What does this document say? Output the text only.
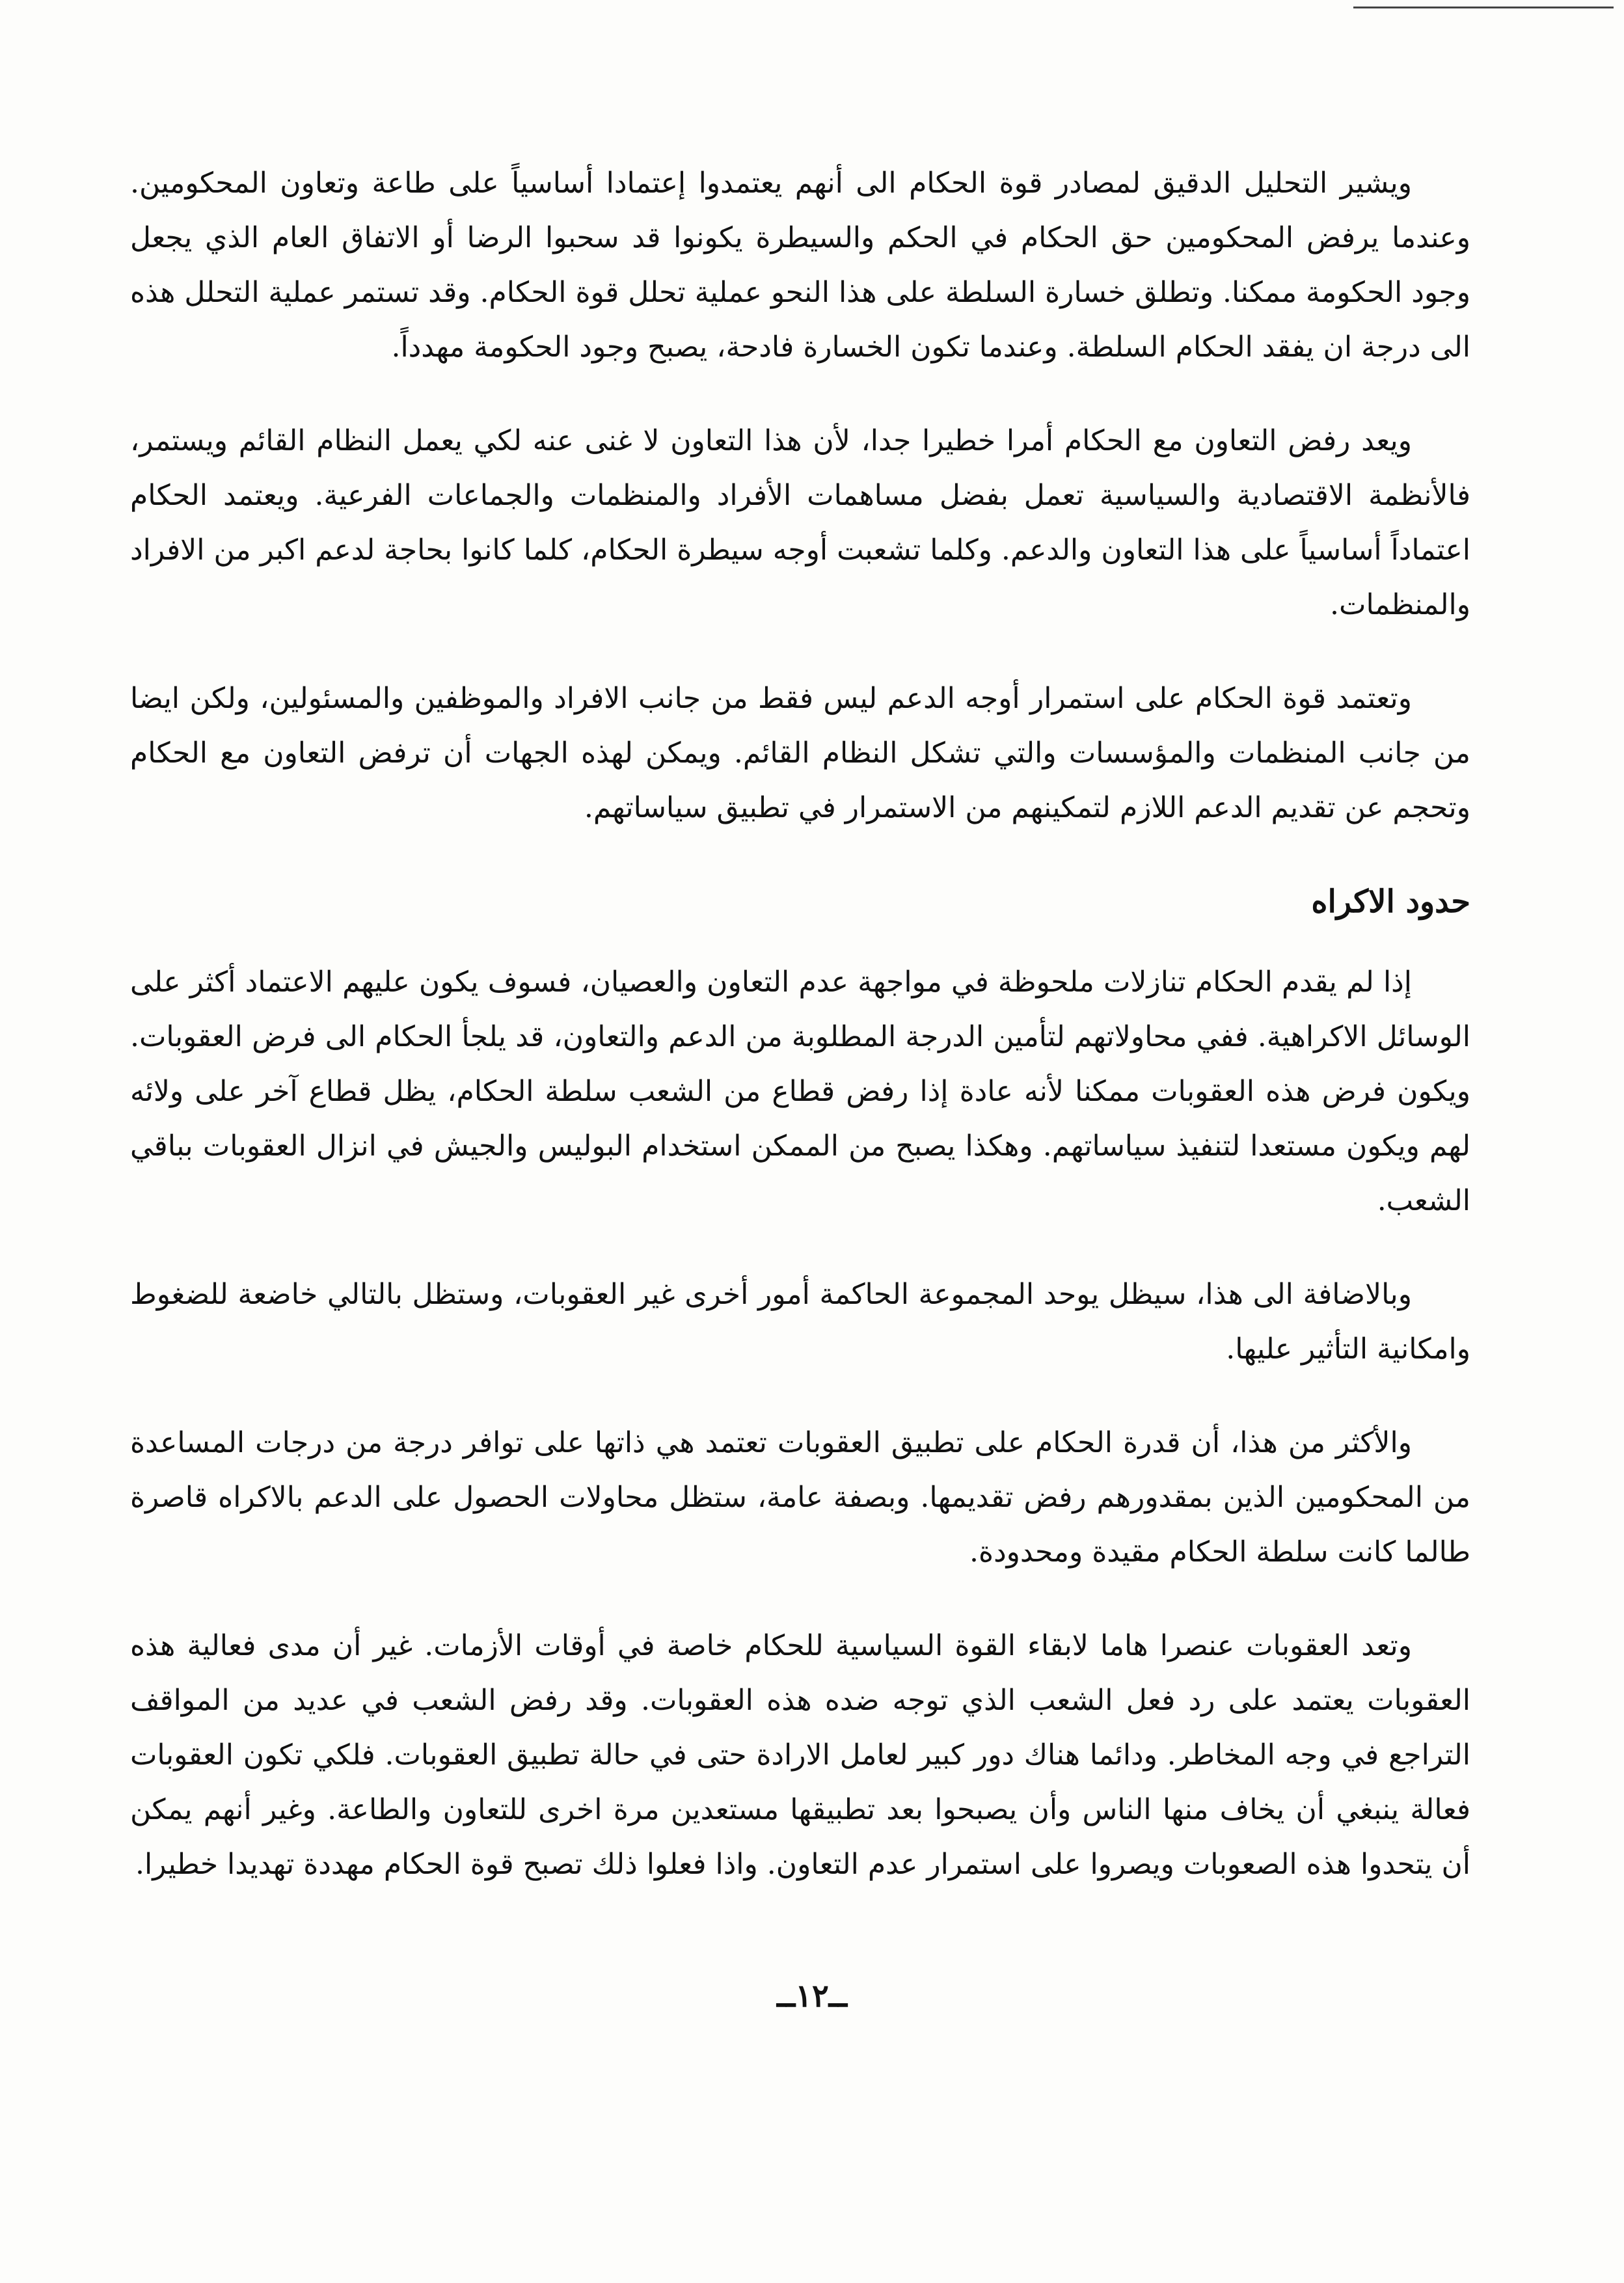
ويشير التحليل الدقيق لمصادر قوة الحكام الى أنهم يعتمدوا إعتمادا أساسياً على طاعة وتعاون المحكومين. وعندما يرفض المحكومين حق الحكام في الحكم والسيطرة يكونوا قد سحبوا الرضا أو الاتفاق العام الذي يجعل وجود الحكومة ممكنا. وتطلق خسارة السلطة على هذا النحو عملية تحلل قوة الحكام. وقد تستمر عملية التحلل هذه الى درجة ان يفقد الحكام السلطة. وعندما تكون الخسارة فادحة، يصبح وجود الحكومة مهدداً.

ويعد رفض التعاون مع الحكام أمرا خطيرا جدا، لأن هذا التعاون لا غنى عنه لكي يعمل النظام القائم ويستمر، فالأنظمة الاقتصادية والسياسية تعمل بفضل مساهمات الأفراد والمنظمات والجماعات الفرعية. ويعتمد الحكام اعتماداً أساسياً على هذا التعاون والدعم. وكلما تشعبت أوجه سيطرة الحكام، كلما كانوا بحاجة لدعم اكبر من الافراد والمنظمات.

وتعتمد قوة الحكام على استمرار أوجه الدعم ليس فقط من جانب الافراد والموظفين والمسئولين، ولكن ايضا من جانب المنظمات والمؤسسات والتي تشكل النظام القائم. ويمكن لهذه الجهات أن ترفض التعاون مع الحكام وتحجم عن تقديم الدعم اللازم لتمكينهم من الاستمرار في تطبيق سياساتهم.

حدود الاكراه

إذا لم يقدم الحكام تنازلات ملحوظة في مواجهة عدم التعاون والعصيان، فسوف يكون عليهم الاعتماد أكثر على الوسائل الاكراهية. ففي محاولاتهم لتأمين الدرجة المطلوبة من الدعم والتعاون، قد يلجأ الحكام الى فرض العقوبات. ويكون فرض هذه العقوبات ممكنا لأنه عادة إذا رفض قطاع من الشعب سلطة الحكام، يظل قطاع آخر على ولائه لهم ويكون مستعدا لتنفيذ سياساتهم. وهكذا يصبح من الممكن استخدام البوليس والجيش في انزال العقوبات بباقي الشعب.

وبالاضافة الى هذا، سيظل يوحد المجموعة الحاكمة أمور أخرى غير العقوبات، وستظل بالتالي خاضعة للضغوط وامكانية التأثير عليها.

والأكثر من هذا، أن قدرة الحكام على تطبيق العقوبات تعتمد هي ذاتها على توافر درجة من درجات المساعدة من المحكومين الذين بمقدورهم رفض تقديمها. وبصفة عامة، ستظل محاولات الحصول على الدعم بالاكراه قاصرة طالما كانت سلطة الحكام مقيدة ومحدودة.

وتعد العقوبات عنصرا هاما لابقاء القوة السياسية للحكام خاصة في أوقات الأزمات. غير أن مدى فعالية هذه العقوبات يعتمد على رد فعل الشعب الذي توجه ضده هذه العقوبات. وقد رفض الشعب في عديد من المواقف التراجع في وجه المخاطر. ودائما هناك دور كبير لعامل الارادة حتى في حالة تطبيق العقوبات. فلكي تكون العقوبات فعالة ينبغي أن يخاف منها الناس وأن يصبحوا بعد تطبيقها مستعدين مرة اخرى للتعاون والطاعة. وغير أنهم يمكن أن يتحدوا هذه الصعوبات ويصروا على استمرار عدم التعاون. واذا فعلوا ذلك تصبح قوة الحكام مهددة تهديدا خطيرا.

ــ١٢ــ
